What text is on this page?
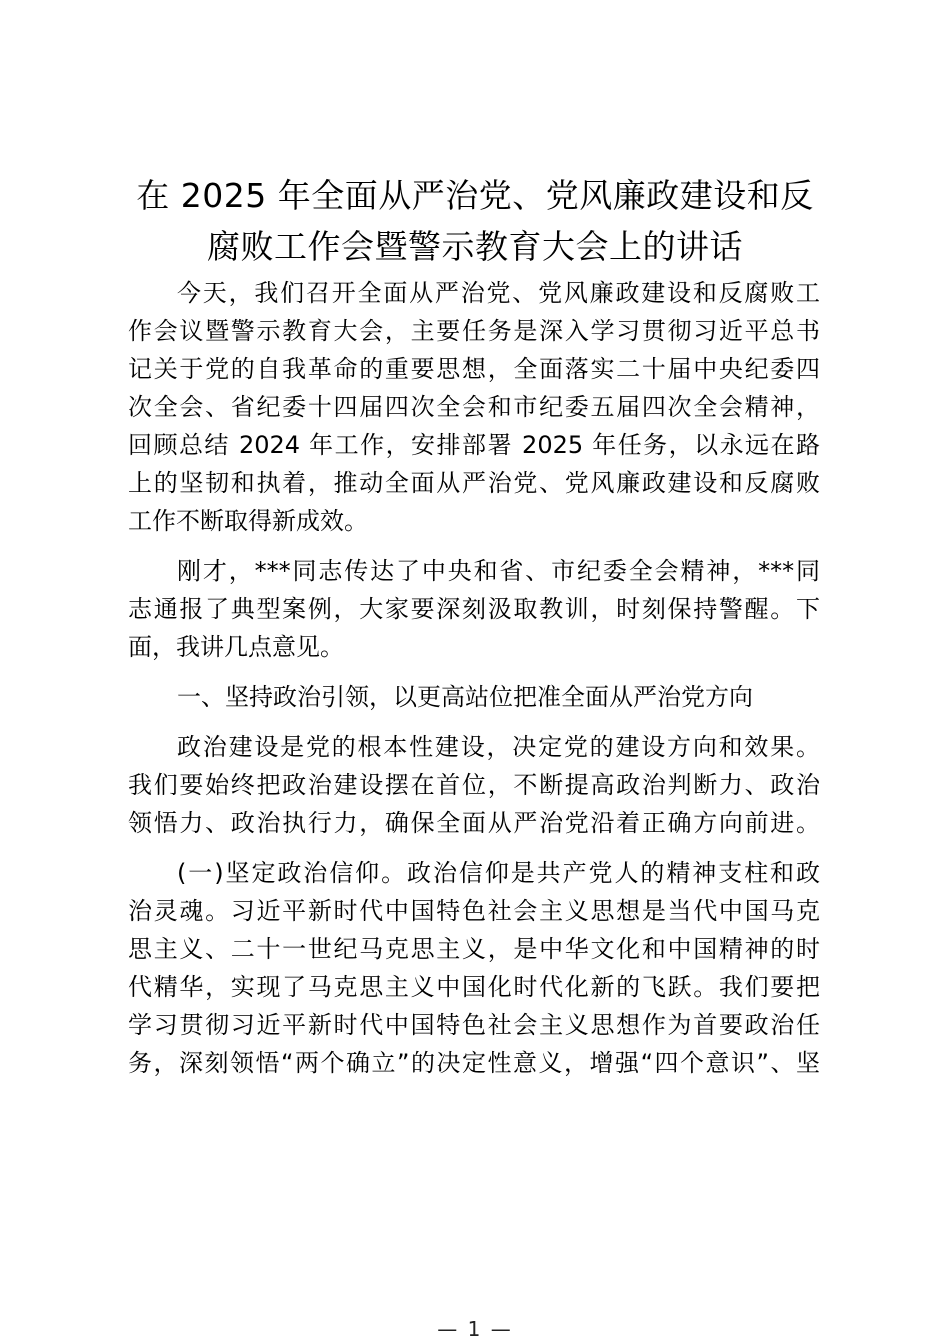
在 2025 年全面从严治党、党风廉政建设和反
腐败工作会暨警示教育大会上的讲话
今天，我们召开全面从严治党、党风廉政建设和反腐败工
作会议暨警示教育大会，主要任务是深入学习贯彻习近平总书
记关于党的自我革命的重要思想，全面落实二十届中央纪委四
次全会、省纪委十四届四次全会和市纪委五届四次全会精神，
回顾总结 2024 年工作，安排部署 2025 年任务，以永远在路
上的坚韧和执着，推动全面从严治党、党风廉政建设和反腐败
工作不断取得新成效。
刚才，***同志传达了中央和省、市纪委全会精神，***同
志通报了典型案例，大家要深刻汲取教训，时刻保持警醒。下
面，我讲几点意见。
一、坚持政治引领，以更高站位把准全面从严治党方向
政治建设是党的根本性建设，决定党的建设方向和效果。
我们要始终把政治建设摆在首位，不断提高政治判断力、政治
领悟力、政治执行力，确保全面从严治党沿着正确方向前进。
(一)坚定政治信仰。政治信仰是共产党人的精神支柱和政
治灵魂。习近平新时代中国特色社会主义思想是当代中国马克
思主义、二十一世纪马克思主义，是中华文化和中国精神的时
代精华，实现了马克思主义中国化时代化新的飞跃。我们要把
学习贯彻习近平新时代中国特色社会主义思想作为首要政治任
务，深刻领悟“两个确立”的决定性意义，增强“四个意识”、坚
— 1 —
